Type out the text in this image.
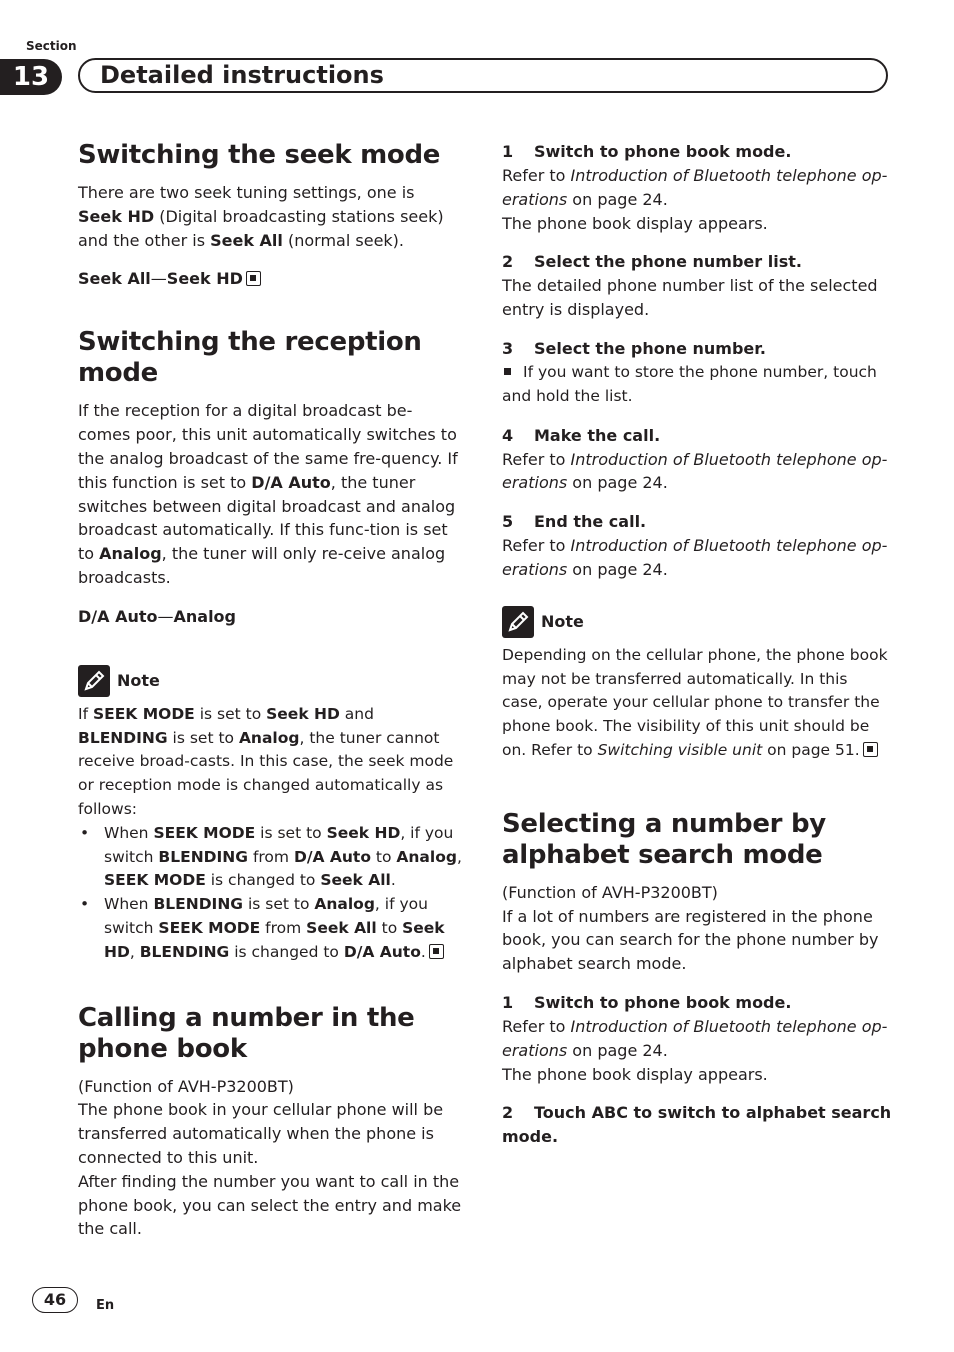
Section
13	Detailed instructions
Switching the seek mode

There are two seek tuning settings, one is Seek HD (Digital broadcasting stations seek) and the other is Seek All (normal seek).

Seek All—Seek HD
Switching the reception mode

If the reception for a digital broadcast be-comes poor, this unit automatically switches to the analog broadcast of the same fre-quency. If this function is set to D/A Auto, the tuner switches between digital broadcast and analog broadcast automatically. If this func-tion is set to Analog, the tuner will only re-ceive analog broadcasts.

D/A Auto—Analog
Note

If SEEK MODE is set to Seek HD and BLENDING is set to Analog, the tuner cannot receive broad-casts. In this case, the seek mode or reception mode is changed automatically as follows:

• When SEEK MODE is set to Seek HD, if you switch BLENDING from D/A Auto to Analog, SEEK MODE is changed to Seek All.
• When BLENDING is set to Analog, if you switch SEEK MODE from Seek All to Seek HD, BLENDING is changed to D/A Auto.
Calling a number in the phone book

(Function of AVH-P3200BT)

The phone book in your cellular phone will be transferred automatically when the phone is connected to this unit.

After finding the number you want to call in the phone book, you can select the entry and make the call.

1 Switch to phone book mode.

Refer to Introduction of Bluetooth telephone op-erations on page 24.

The phone book display appears.

2 Select the phone number list.

The detailed phone number list of the selected entry is displayed.

3 Select the phone number.

If you want to store the phone number, touch and hold the list.

4 Make the call.

Refer to Introduction of Bluetooth telephone op-erations on page 24.

5 End the call.

Refer to Introduction of Bluetooth telephone op-erations on page 24.

Note

Depending on the cellular phone, the phone book may not be transferred automatically. In this case, operate your cellular phone to transfer the phone book. The visibility of this unit should be on. Refer to Switching visible unit on page 51.

Selecting a number by alphabet search mode

(Function of AVH-P3200BT)

If a lot of numbers are registered in the phone book, you can search for the phone number by alphabet search mode.

1 Switch to phone book mode.

Refer to Introduction of Bluetooth telephone op-erations on page 24.

The phone book display appears.

2 Touch ABC to switch to alphabet search mode.
46	En
